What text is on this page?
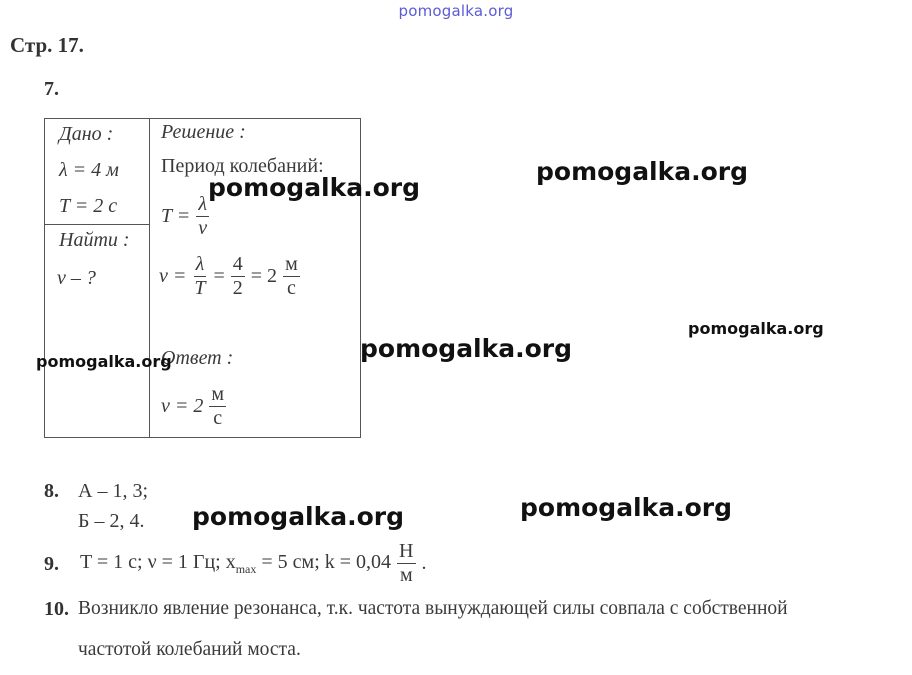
pomogalka.org
Стр. 17.
7.
Дано :
λ = 4 м
T = 2 с
Найти :
v – ?
Решение :
Период колебаний:
$T = \frac{\lambda}{v}$
$v = \frac{\lambda}{T} = \frac{4}{2} = 2 \frac{м}{с}$
Ответ :
$v = 2 \frac{м}{с}$
8. А – 1, 3;
Б – 2, 4.
9. T = 1 с; ν = 1 Гц; $x_{max} = 5$ см; $k = 0,04 \frac{Н}{м}$ .
10. Возникло явление резонанса, т.к. частота вынуждающей силы совпала с собственной
частотой колебаний моста.
pomogalka.org
pomogalka.org
pomogalka.org
pomogalka.org
pomogalka.org
pomogalka.org
pomogalka.org
